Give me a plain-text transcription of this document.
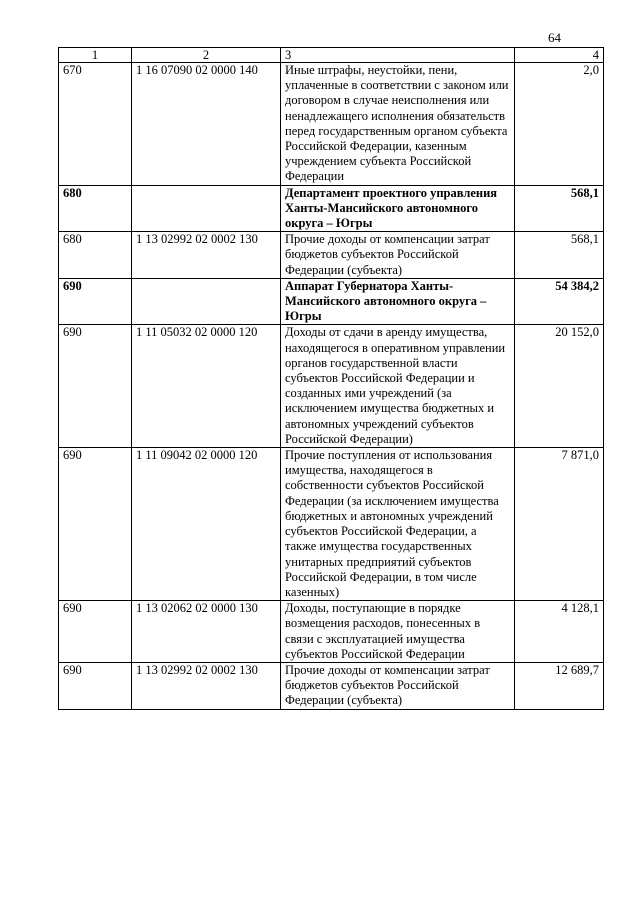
64
1	2	3	4
670	1 16 07090 02 0000 140	Иные штрафы, неустойки, пени, уплаченные в соответствии с законом или договором в случае неисполнения или ненадлежащего исполнения обязательств перед государственным органом субъекта Российской Федерации, казенным учреждением субъекта Российской Федерации	2,0
680		Департамент проектного управления Ханты-Мансийского автономного округа – Югры	568,1
680	1 13 02992 02 0002 130	Прочие доходы от компенсации затрат бюджетов субъектов Российской Федерации (субъекта)	568,1
690		Аппарат Губернатора Ханты-Мансийского автономного округа – Югры	54 384,2
690	1 11 05032 02 0000 120	Доходы от сдачи в аренду имущества, находящегося в оперативном управлении органов государственной власти субъектов Российской Федерации и созданных ими учреждений (за исключением имущества бюджетных и автономных учреждений субъектов Российской Федерации)	20 152,0
690	1 11 09042 02 0000 120	Прочие поступления от использования имущества, находящегося в собственности субъектов Российской Федерации (за исключением имущества бюджетных и автономных учреждений субъектов Российской Федерации, а также имущества государственных унитарных предприятий субъектов Российской Федерации, в том числе казенных)	7 871,0
690	1 13 02062 02 0000 130	Доходы, поступающие в порядке возмещения расходов, понесенных в связи с эксплуатацией имущества субъектов Российской Федерации	4 128,1
690	1 13 02992 02 0002 130	Прочие доходы от компенсации затрат бюджетов субъектов Российской Федерации (субъекта)	12 689,7
